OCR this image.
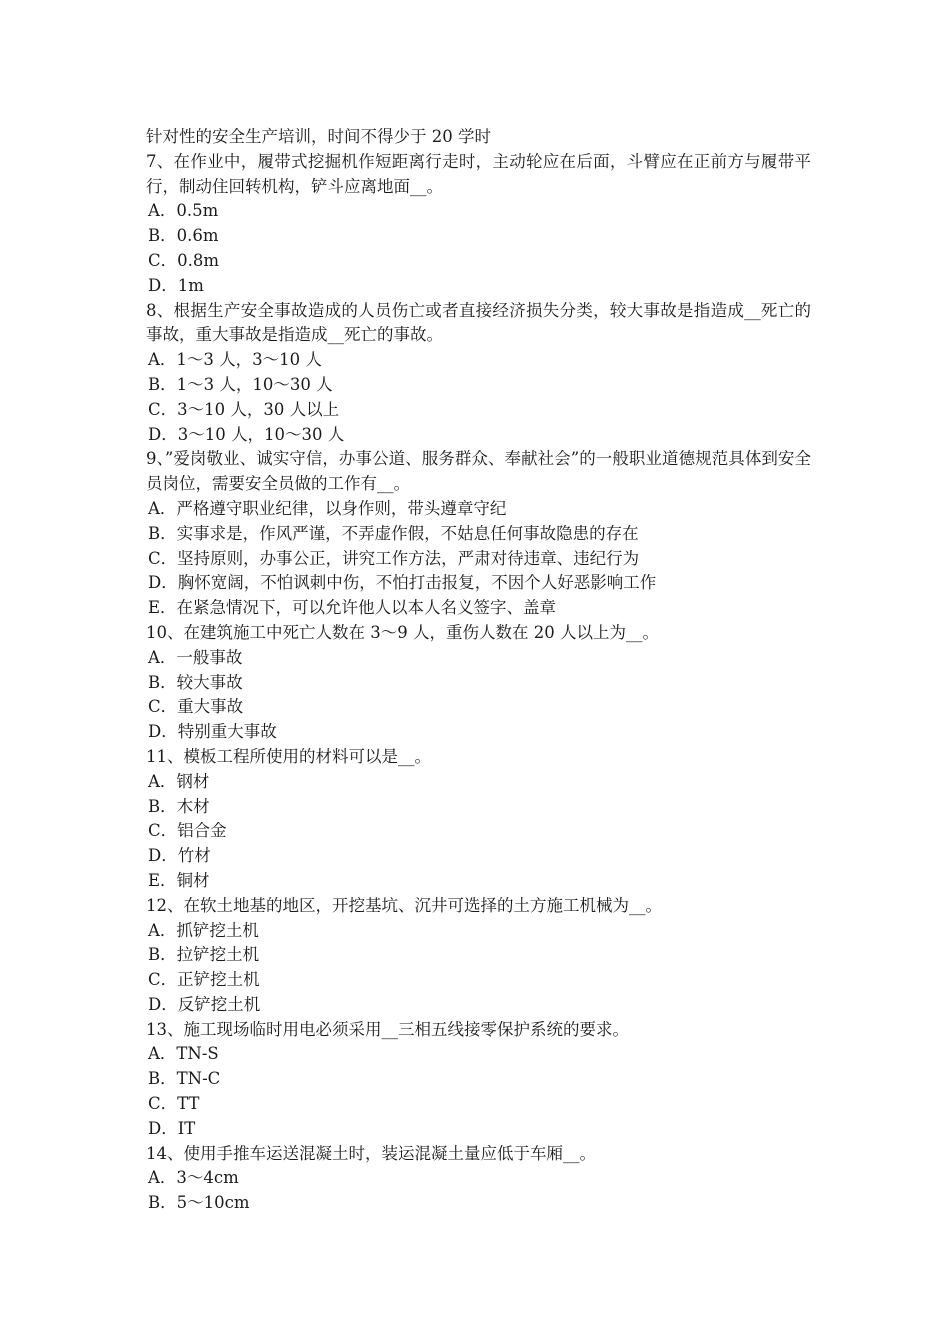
针对性的安全生产培训，时间不得少于 20 学时

7、在作业中，履带式挖掘机作短距离行走时，主动轮应在后面，斗臂应在正前方与履带平行，制动住回转机构，铲斗应离地面__。

A．0.5m

B．0.6m

C．0.8m

D．1m

8、根据生产安全事故造成的人员伤亡或者直接经济损失分类，较大事故是指造成__死亡的事故，重大事故是指造成__死亡的事故。

A．1～3 人，3～10 人

B．1～3 人，10～30 人

C．3～10 人，30 人以上

D．3～10 人，10～30 人

9、”爱岗敬业、诚实守信，办事公道、服务群众、奉献社会”的一般职业道德规范具体到安全员岗位，需要安全员做的工作有__。

A．严格遵守职业纪律，以身作则，带头遵章守纪

B．实事求是，作风严谨，不弄虚作假，不姑息任何事故隐患的存在

C．坚持原则，办事公正，讲究工作方法，严肃对待违章、违纪行为

D．胸怀宽阔，不怕讽刺中伤，不怕打击报复，不因个人好恶影响工作

E．在紧急情况下，可以允许他人以本人名义签字、盖章

10、在建筑施工中死亡人数在 3～9 人，重伤人数在 20 人以上为__。

A．一般事故

B．较大事故

C．重大事故

D．特别重大事故

11、模板工程所使用的材料可以是__。

A．钢材

B．木材

C．铝合金

D．竹材

E．铜材

12、在软土地基的地区，开挖基坑、沉井可选择的土方施工机械为__。

A．抓铲挖土机

B．拉铲挖土机

C．正铲挖土机

D．反铲挖土机

13、施工现场临时用电必须采用__三相五线接零保护系统的要求。

A．TN-S

B．TN-C

C．TT

D．IT

14、使用手推车运送混凝土时，装运混凝土量应低于车厢__。

A．3～4cm

B．5～10cm
